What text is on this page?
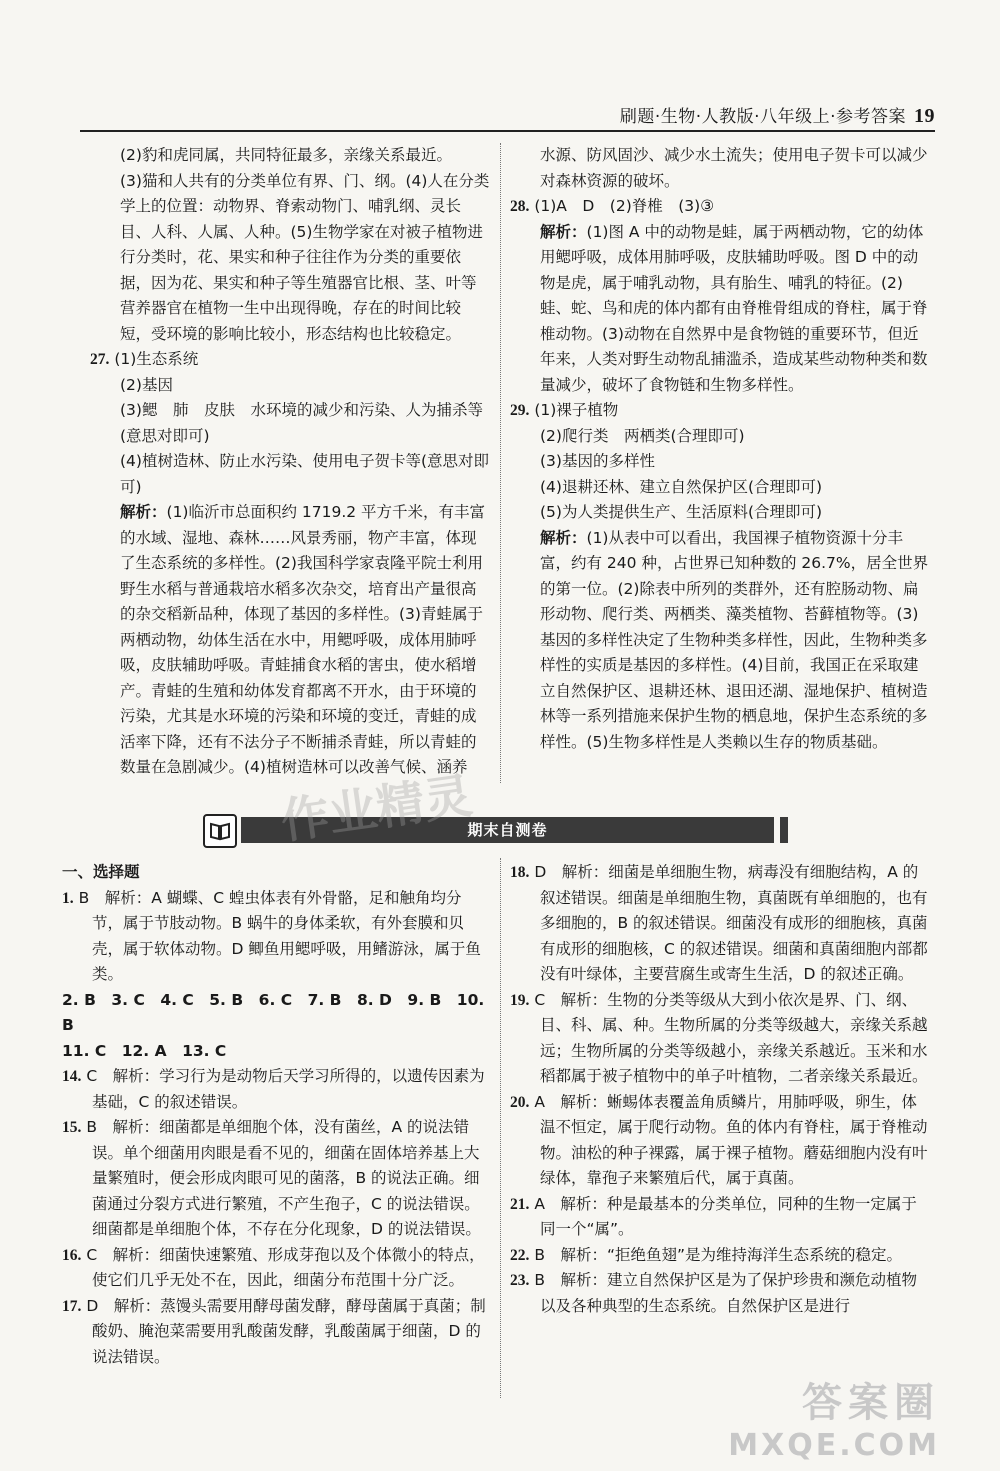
刷题·生物·人教版·八年级上·参考答案 19

(2)豹和虎同属，共同特征最多，亲缘关系最近。

(3)猫和人共有的分类单位有界、门、纲。(4)人在分类学上的位置：动物界、脊索动物门、哺乳纲、灵长目、人科、人属、人种。(5)生物学家在对被子植物进行分类时，花、果实和种子往往作为分类的重要依据，因为花、果实和种子等生殖器官比根、茎、叶等营养器官在植物一生中出现得晚，存在的时间比较短，受环境的影响比较小，形态结构也比较稳定。

27. (1)生态系统

(2)基因

(3)鳃　肺　皮肤　水环境的减少和污染、人为捕杀等(意思对即可)

(4)植树造林、防止水污染、使用电子贺卡等(意思对即可)

解析：(1)临沂市总面积约 1719.2 平方千米，有丰富的水域、湿地、森林……风景秀丽，物产丰富，体现了生态系统的多样性。(2)我国科学家袁隆平院士利用野生水稻与普通栽培水稻多次杂交，培育出产量很高的杂交稻新品种，体现了基因的多样性。(3)青蛙属于两栖动物，幼体生活在水中，用鳃呼吸，成体用肺呼吸，皮肤辅助呼吸。青蛙捕食水稻的害虫，使水稻增产。青蛙的生殖和幼体发育都离不开水，由于环境的污染，尤其是水环境的污染和环境的变迁，青蛙的成活率下降，还有不法分子不断捕杀青蛙，所以青蛙的数量在急剧减少。(4)植树造林可以改善气候、涵养

水源、防风固沙、减少水土流失；使用电子贺卡可以减少对森林资源的破坏。

28. (1)A　D　(2)脊椎　(3)③

解析：(1)图 A 中的动物是蛙，属于两栖动物，它的幼体用鳃呼吸，成体用肺呼吸，皮肤辅助呼吸。图 D 中的动物是虎，属于哺乳动物，具有胎生、哺乳的特征。(2)蛙、蛇、鸟和虎的体内都有由脊椎骨组成的脊柱，属于脊椎动物。(3)动物在自然界中是食物链的重要环节，但近年来，人类对野生动物乱捕滥杀，造成某些动物种类和数量减少，破坏了食物链和生物多样性。

29. (1)裸子植物

(2)爬行类　两栖类(合理即可)

(3)基因的多样性

(4)退耕还林、建立自然保护区(合理即可)

(5)为人类提供生产、生活原料(合理即可)

解析：(1)从表中可以看出，我国裸子植物资源十分丰富，约有 240 种，占世界已知种数的 26.7%，居全世界的第一位。(2)除表中所列的类群外，还有腔肠动物、扁形动物、爬行类、两栖类、藻类植物、苔藓植物等。(3)基因的多样性决定了生物种类多样性，因此，生物种类多样性的实质是基因的多样性。(4)目前，我国正在采取建立自然保护区、退耕还林、退田还湖、湿地保护、植树造林等一系列措施来保护生物的栖息地，保护生态系统的多样性。(5)生物多样性是人类赖以生存的物质基础。

期末自测卷

一、选择题

1. B　解析：A 蝴蝶、C 蝗虫体表有外骨骼，足和触角均分节，属于节肢动物。B 蜗牛的身体柔软，有外套膜和贝壳，属于软体动物。D 鲫鱼用鳃呼吸，用鳍游泳，属于鱼类。

2. B　3. C　4. C　5. B　6. C　7. B　8. D　9. B　10. B

11. C　12. A　13. C

14. C　解析：学习行为是动物后天学习所得的，以遗传因素为基础，C 的叙述错误。

15. B　解析：细菌都是单细胞个体，没有菌丝，A 的说法错误。单个细菌用肉眼是看不见的，细菌在固体培养基上大量繁殖时，便会形成肉眼可见的菌落，B 的说法正确。细菌通过分裂方式进行繁殖，不产生孢子，C 的说法错误。细菌都是单细胞个体，不存在分化现象，D 的说法错误。

16. C　解析：细菌快速繁殖、形成芽孢以及个体微小的特点，使它们几乎无处不在，因此，细菌分布范围十分广泛。

17. D　解析：蒸馒头需要用酵母菌发酵，酵母菌属于真菌；制酸奶、腌泡菜需要用乳酸菌发酵，乳酸菌属于细菌，D 的说法错误。

18. D　解析：细菌是单细胞生物，病毒没有细胞结构，A 的叙述错误。细菌是单细胞生物，真菌既有单细胞的，也有多细胞的，B 的叙述错误。细菌没有成形的细胞核，真菌有成形的细胞核，C 的叙述错误。细菌和真菌细胞内部都没有叶绿体，主要营腐生或寄生生活，D 的叙述正确。

19. C　解析：生物的分类等级从大到小依次是界、门、纲、目、科、属、种。生物所属的分类等级越大，亲缘关系越远；生物所属的分类等级越小，亲缘关系越近。玉米和水稻都属于被子植物中的单子叶植物，二者亲缘关系最近。

20. A　解析：蜥蜴体表覆盖角质鳞片，用肺呼吸，卵生，体温不恒定，属于爬行动物。鱼的体内有脊柱，属于脊椎动物。油松的种子裸露，属于裸子植物。蘑菇细胞内没有叶绿体，靠孢子来繁殖后代，属于真菌。

21. A　解析：种是最基本的分类单位，同种的生物一定属于同一个“属”。

22. B　解析：“拒绝鱼翅”是为维持海洋生态系统的稳定。

23. B　解析：建立自然保护区是为了保护珍贵和濒危动植物以及各种典型的生态系统。自然保护区是进行

作业精灵
答案圈
MXQE.COM
